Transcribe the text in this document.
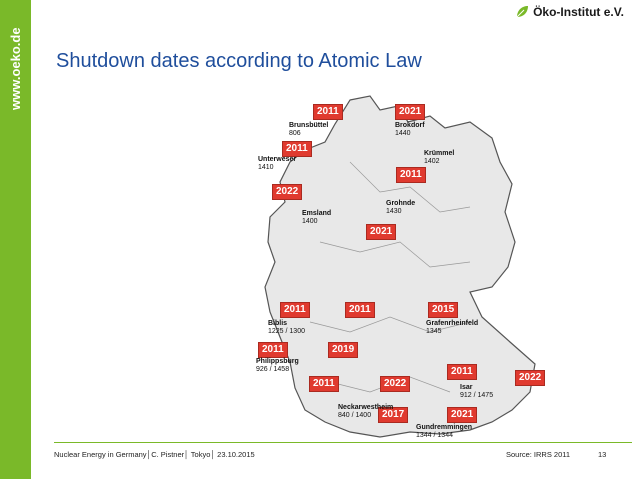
www.oeko.de
Öko-Institut e.V.
Shutdown dates according to Atomic Law
2011	2021
2011
2011
2022
2021
2011	2011	2015
2011	2019
2011	2022
2011
2022
2017	2021
Brunsbüttel
806
Brokdorf
1440
Unterweser
1410
Krümmel
1402
Emsland
1400
Grohnde
1430
Biblis
1225 / 1300
Grafenrheinfeld
1345
Philippsburg
926 / 1458
Neckarwestheim
840 / 1400
Isar
912 / 1475
Gundremmingen
1344 / 1344
Nuclear Energy in Germany│C. Pistner│ Tokyo│ 23.10.2015	Source: IRRS 2011	13
